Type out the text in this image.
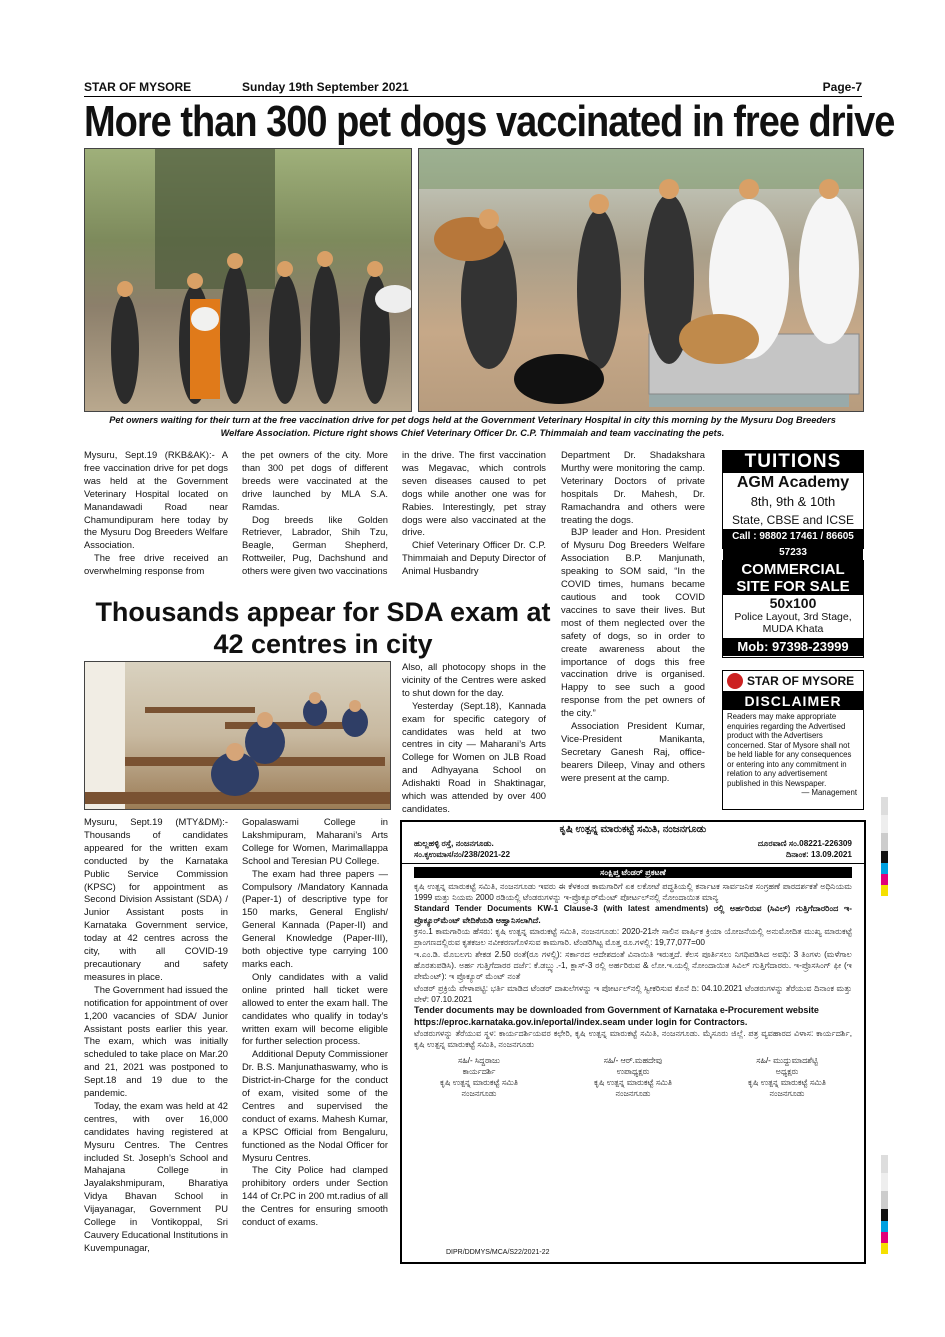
STAR OF MYSORE	Sunday 19th September 2021	Page-7
More than 300 pet dogs vaccinated in free drive
Pet owners waiting for their turn at the free vaccination drive for pet dogs held at the Government Veterinary Hospital in city this morning by the Mysuru Dog Breeders Welfare Association. Picture right shows Chief Veterinary Officer Dr. C.P. Thimmaiah and team vaccinating the pets.

Mysuru, Sept.19 (RKB&AK):- A free vaccination drive for pet dogs was held at the Government Veterinary Hospital located on Manandawadi Road near Chamundipuram here today by the Mysuru Dog Breeders Welfare Association.

The free drive received an overwhelming response from

the pet owners of the city. More than 300 pet dogs of different breeds were vaccinated at the drive launched by MLA S.A. Ramdas.

Dog breeds like Golden Retriever, Labrador, Shih Tzu, Beagle, German Shepherd, Rottweiler, Pug, Dachshund and others were given two vaccinations

in the drive. The first vaccination was Megavac, which controls seven diseases caused to pet dogs while another one was for Rabies. Interestingly, pet stray dogs were also vaccinated at the drive.

Chief Veterinary Officer Dr. C.P. Thimmaiah and Deputy Director of Animal Husbandry

Department Dr. Shadakshara Murthy were monitoring the camp. Veterinary Doctors of private hospitals Dr. Mahesh, Dr. Ramachandra and others were treating the dogs.

BJP leader and Hon. President of Mysuru Dog Breeders Welfare Association B.P. Manjunath, speaking to SOM said, “In the COVID times, humans became cautious and took COVID vaccines to save their lives. But most of them neglected over the safety of dogs, so in order to create awareness about the importance of dogs this free vaccination drive is organised. Happy to see such a good response from the pet owners of the city.”

Association President Kumar, Vice-President Manikanta, Secretary Ganesh Raj, office-bearers Dileep, Vinay and others were present at the camp.

Thousands appear for SDA exam at 42 centres in city

Also, all photocopy shops in the vicinity of the Centres were asked to shut down for the day.

Yesterday (Sept.18), Kannada exam for specific category of candidates was held at two centres in city — Maharani’s Arts College for Women on JLB Road and Adhyayana School on Adishakti Road in Shaktinagar, which was attended by over 400 candidates.

Mysuru, Sept.19 (MTY&DM):- Thousands of candidates appeared for the written exam conducted by the Karnataka Public Service Commission (KPSC) for appointment as Second Division Assistant (SDA) / Junior Assistant posts in Karnataka Government service, today at 42 centres across the city, with all COVID-19 precautionary and safety measures in place.

The Government had issued the notification for appointment of over 1,200 vacancies of SDA/ Junior Assistant posts earlier this year. The exam, which was initially scheduled to take place on Mar.20 and 21, 2021 was postponed to Sept.18 and 19 due to the pandemic.

Today, the exam was held at 42 centres, with over 16,000 candidates having registered at Mysuru Centres. The Centres included St. Joseph’s School and Mahajana College in Jayalakshmipuram, Bharatiya Vidya Bhavan School in Vijayanagar, Government PU College in Vontikoppal, Sri Cauvery Educational Institutions in Kuvempunagar,

Gopalaswami College in Lakshmipuram, Maharani’s Arts College for Women, Marimallappa School and Teresian PU College.

The exam had three papers — Compulsory /Mandatory Kannada (Paper-1) of descriptive type for 150 marks, General English/ General Kannada (Paper-II) and General Knowledge (Paper-III), both objective type carrying 100 marks each.

Only candidates with a valid online printed hall ticket were allowed to enter the exam hall. The candidates who qualify in today’s written exam will become eligible for further selection process.

Additional Deputy Commissioner Dr. B.S. Manjunathaswamy, who is District-in-Charge for the conduct of exam, visited some of the Centres and supervised the conduct of exams. Mahesh Kumar, a KPSC Official from Bengaluru, functioned as the Nodal Officer for Mysuru Centres.

The City Police had clamped prohibitory orders under Section 144 of Cr.PC in 200 mt.radius of all the Centres for ensuring smooth conduct of exams.

TUITIONS
AGM Academy
8th, 9th & 10th
State, CBSE and ICSE
Call : 98802 17461 / 86605 57233
COMMERCIAL
SITE FOR SALE
50x100
Police Layout, 3rd Stage,
MUDA Khata
Mob: 97398-23999
STAR OF MYSORE
DISCLAIMER
Readers may make appropriate enquiries regarding the Advertised product with the Advertisers concerned. Star of Mysore shall not be held liable for any consequences or entering into any commitment in relation to any advertisement published in this Newspaper.
— Management
ಕೃಷಿ ಉತ್ಪನ್ನ ಮಾರುಕಟ್ಟೆ ಸಮಿತಿ, ನಂಜನಗೂಡು
ಹುಲ್ಲಹಳ್ಳಿ ರಸ್ತೆ, ನಂಜನಗೂಡು.	ದೂರವಾಣಿ ಸಂ.08221-226309
ಸಂ.ಕೃಉಮಾಸ/ನಂ/238/2021-22	ದಿನಾಂಕ: 13.09.2021
ಸಂಕ್ಷಿಪ್ತ ಟೆಂಡರ್ ಪ್ರಕಟಣೆ
ಕೃಷಿ ಉತ್ಪನ್ನ ಮಾರುಕಟ್ಟೆ ಸಮಿತಿ, ನಂಜನಗೂಡು ಇವರು ಈ ಕೆಳಕಂಡ ಕಾಮಗಾರಿಗೆ ಏಕ ಲಕೋಟೆ ಪದ್ಧತಿಯಲ್ಲಿ ಕರ್ನಾಟಕ ಸಾರ್ವಜನಿಕ ಸಂಗ್ರಹಣೆ ಪಾರದರ್ಶಕತೆ ಅಧಿನಿಯಮ 1999 ಮತ್ತು ನಿಯಮ 2000 ರಡಿಯಲ್ಲಿ ಟೆಂಡರುಗಳನ್ನು ಇ-ಪ್ರೊಕ್ಯೂರ್‌ಮೆಂಟ್ ಪೋರ್ಟಲ್‌ನಲ್ಲಿ ನೋಂದಾಯಿತ ಮಾನ್ಯ
Standard Tender Documents KW-1 Clause-3 (with latest amendments) ರಲ್ಲಿ ಅರ್ಹರಿರುವ (ಸಿವಿಲ್) ಗುತ್ತಿಗೆದಾರರಿಂದ ಇ-ಪ್ರೊಕ್ಯೂರ್‌ಮೆಂಟ್ ವೇದಿಕೆಯಡಿ ಆಹ್ವಾನಿಸಲಾಗಿದೆ.
ಕ್ರಸಂ.1 ಕಾಮಗಾರಿಯ ಹೆಸರು: ಕೃಷಿ ಉತ್ಪನ್ನ ಮಾರುಕಟ್ಟೆ ಸಮಿತಿ, ನಂಜನಗೂಡು: 2020-21ನೇ ಸಾಲಿನ ವಾರ್ಷಿಕ ಕ್ರಿಯಾ ಯೋಜನೆಯಲ್ಲಿ ಅನುಮೋದಿತ ಮುಖ್ಯ ಮಾರುಕಟ್ಟೆ ಪ್ರಾಂಗಣದಲ್ಲಿರುವ ಕೃತಕಜಲ ನವೀಕರಣಗೊಳಿಸುವ ಕಾಮಗಾರಿ. ಟೆಂಡರಿಗಿಟ್ಟ ಮೊತ್ತ ರೂ.ಗಳಲ್ಲಿ: 19,77,077=00
ಇ.ಎಂ.ಡಿ. ಮೊಬಲಗು ಶೇಕಡ 2.50 ರಂತೆ(ರೂ ಗಳಲ್ಲಿ): ಸರ್ಕಾರದ ಆದೇಶದಂತೆ ವಿನಾಯಿತಿ ಇರುತ್ತದೆ. ಕೆಲಸ ಪೂರ್ತಿಸಲು ನಿಗಧಿಪಡಿಸಿದ ಅವಧಿ: 3 ತಿಂಗಳು (ಮಳೆಗಾಲ ಹೊರತುಪಡಿಸಿ). ಅರ್ಹ ಗುತ್ತಿಗೆದಾರರ ದರ್ಜೆ: ಕೆ.ಡಬ್ಲ್ಯು.-1, ಕ್ಲಾಸ್-3 ರಲ್ಲಿ ಅರ್ಹರಿರುವ & ಲೋ.ಇ.ಯಲ್ಲಿ ನೋಂದಾಯಿತ ಸಿವಿಲ್ ಗುತ್ತಿಗೆದಾರರು. ಇ-ಪ್ರೊಸಸಿಂಗ್ ಫೀ (ಇ ಪೇಮೆಂಟ್): ಇ ಪ್ರೊಕ್ಯೂರ್ ಮೆಂಟ್ ನಂತೆ
ಟೆಂಡರ್ ಪ್ರಕ್ರಿಯೆ ವೇಳಾಪಟ್ಟಿ: ಭರ್ತಿ ಮಾಡಿದ ಟೆಂಡರ್ ದಾಖಲೆಗಳನ್ನು ಇ ಪೋರ್ಟಲ್‌ನಲ್ಲಿ ಸ್ವೀಕರಿಸುವ ಕೊನೆ ದಿ: 04.10.2021 ಟೆಂಡರುಗಳನ್ನು ತೆರೆಯುವ ದಿನಾಂಕ ಮತ್ತು ವೇಳೆ: 07.10.2021
Tender documents may be downloaded from Government of Karnataka e-Procurement website https://eproc.karnataka.gov.in/eportal/index.seam under login for Contractors.
ಟೆಂಡರುಗಳನ್ನು ತೆರೆಯುವ ಸ್ಥಳ: ಕಾರ್ಯದರ್ಶಿಯವರ ಕಛೇರಿ, ಕೃಷಿ ಉತ್ಪನ್ನ ಮಾರುಕಟ್ಟೆ ಸಮಿತಿ, ನಂಜನಗೂಡು. ಮೈಸೂರು ಜಿಲ್ಲೆ. ಪತ್ರ ವ್ಯವಹಾರದ ವಿಳಾಸ: ಕಾರ್ಯದರ್ಶಿ, ಕೃಷಿ ಉತ್ಪನ್ನ ಮಾರುಕಟ್ಟೆ ಸಮಿತಿ, ನಂಜನಗೂಡು
ಸಹಿ/- ಸಿದ್ದರಾಜು
ಕಾರ್ಯದರ್ಶಿ
ಕೃಷಿ ಉತ್ಪನ್ನ ಮಾರುಕಟ್ಟೆ ಸಮಿತಿ
ನಂಜನಗೂಡು
ಸಹಿ/- ಆರ್.ಮಹದೇವು
ಉಪಾಧ್ಯಕ್ಷರು
ಕೃಷಿ ಉತ್ಪನ್ನ ಮಾರುಕಟ್ಟೆ ಸಮಿತಿ
ನಂಜನಗೂಡು
ಸಹಿ/- ಮುದ್ದುಮಾದಶೆಟ್ಟಿ
ಅಧ್ಯಕ್ಷರು
ಕೃಷಿ ಉತ್ಪನ್ನ ಮಾರುಕಟ್ಟೆ ಸಮಿತಿ
ನಂಜನಗೂಡು
DIPR/DDMYS/MCA/S22/2021-22
